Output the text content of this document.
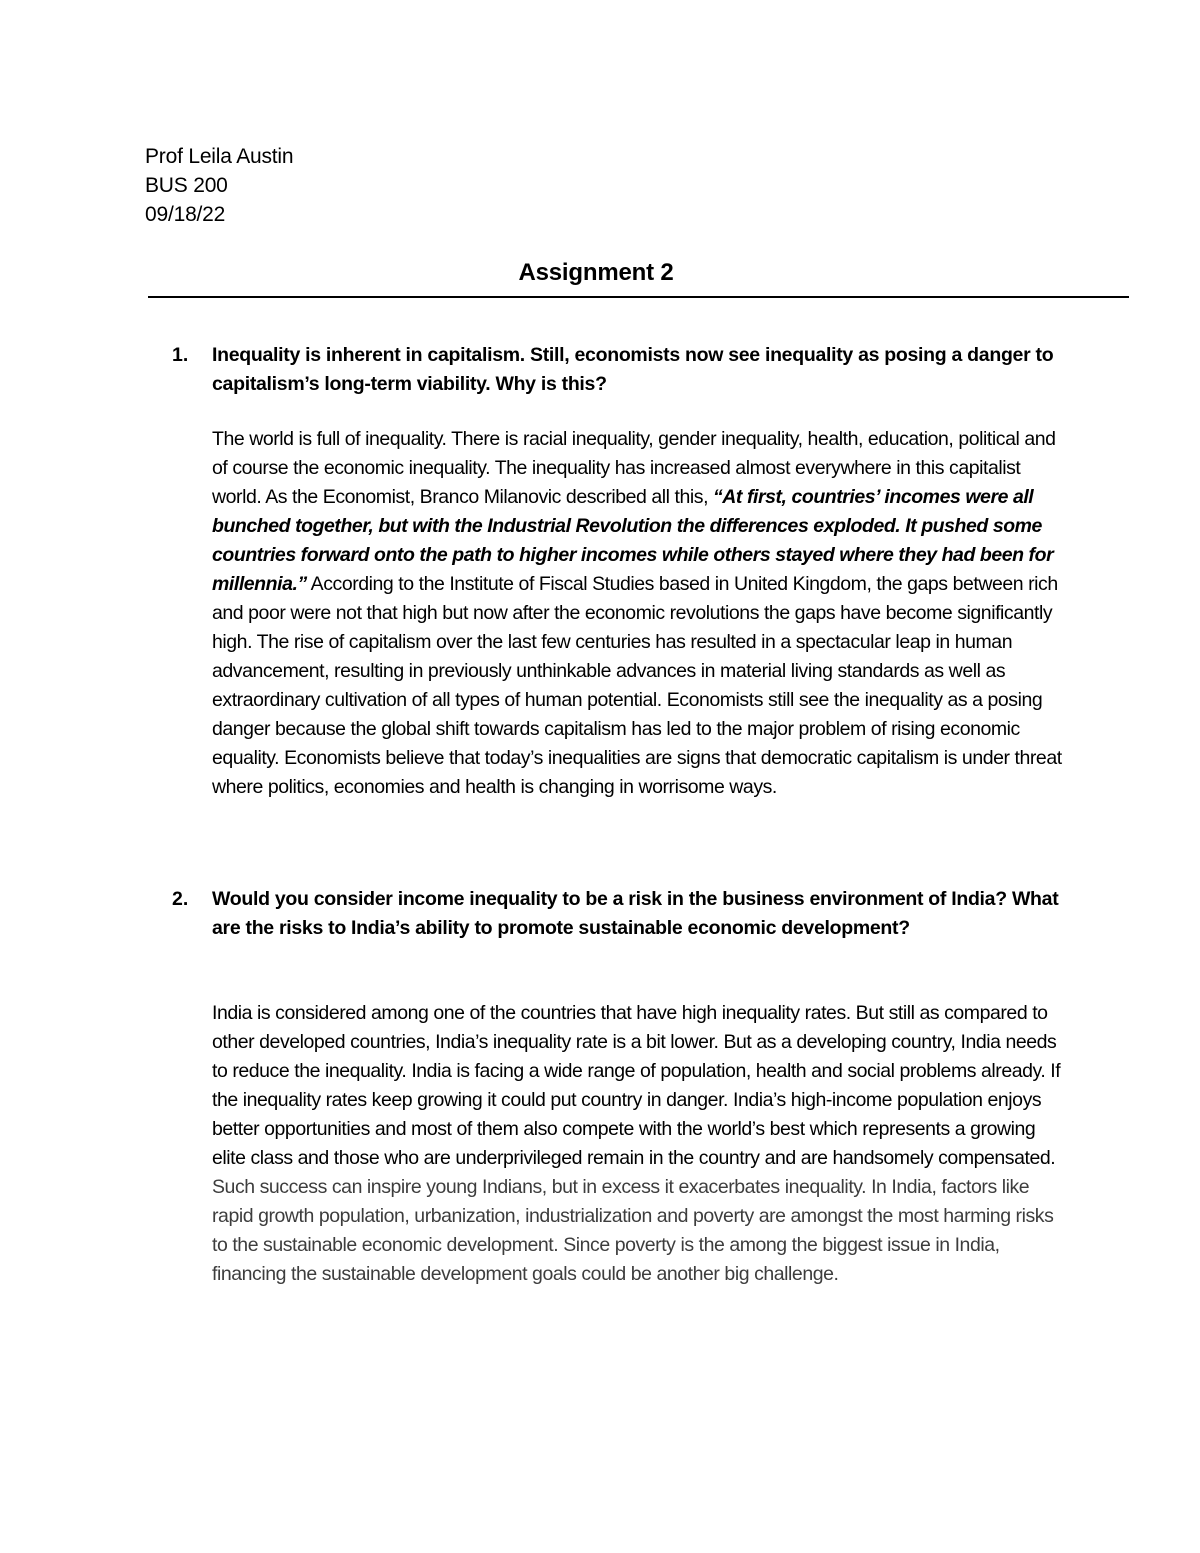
Prof Leila Austin
BUS 200
09/18/22
Assignment 2
1. Inequality is inherent in capitalism. Still, economists now see inequality as posing a danger to capitalism’s long-term viability. Why is this?
The world is full of inequality. There is racial inequality, gender inequality, health, education, political and of course the economic inequality. The inequality has increased almost everywhere in this capitalist world. As the Economist, Branco Milanovic described all this, “At first, countries’ incomes were all bunched together, but with the Industrial Revolution the differences exploded. It pushed some countries forward onto the path to higher incomes while others stayed where they had been for millennia.” According to the Institute of Fiscal Studies based in United Kingdom, the gaps between rich and poor were not that high but now after the economic revolutions the gaps have become significantly high. The rise of capitalism over the last few centuries has resulted in a spectacular leap in human advancement, resulting in previously unthinkable advances in material living standards as well as extraordinary cultivation of all types of human potential. Economists still see the inequality as a posing danger because the global shift towards capitalism has led to the major problem of rising economic equality. Economists believe that today’s inequalities are signs that democratic capitalism is under threat where politics, economies and health is changing in worrisome ways.
2. Would you consider income inequality to be a risk in the business environment of India? What are the risks to India’s ability to promote sustainable economic development?
India is considered among one of the countries that have high inequality rates. But still as compared to other developed countries, India’s inequality rate is a bit lower. But as a developing country, India needs to reduce the inequality. India is facing a wide range of population, health and social problems already. If the inequality rates keep growing it could put country in danger. India’s high-income population enjoys better opportunities and most of them also compete with the world’s best which represents a growing elite class and those who are underprivileged remain in the country and are handsomely compensated. Such success can inspire young Indians, but in excess it exacerbates inequality. In India, factors like rapid growth population, urbanization, industrialization and poverty are amongst the most harming risks to the sustainable economic development. Since poverty is the among the biggest issue in India, financing the sustainable development goals could be another big challenge.
